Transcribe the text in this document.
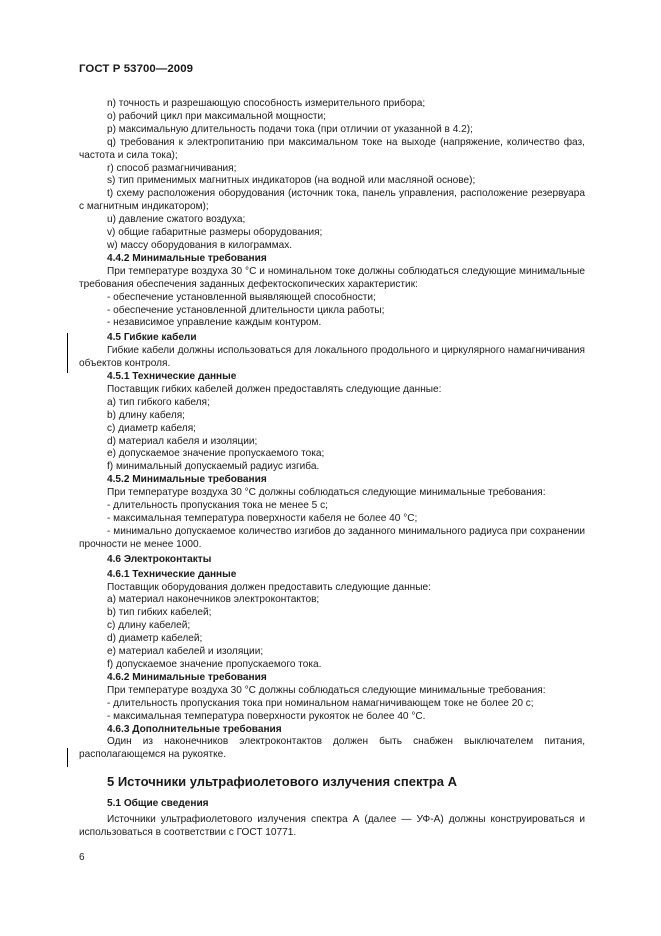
ГОСТ Р 53700—2009

n) точность и разрешающую способность измерительного прибора;

o) рабочий цикл при максимальной мощности;

p) максимальную длительность подачи тока (при отличии от указанной в 4.2);

q) требования к электропитанию при максимальном токе на выходе (напряжение, количество фаз, частота и сила тока);

r) способ размагничивания;

s) тип применимых магнитных индикаторов (на водной или масляной основе);

t) схему расположения оборудования (источник тока, панель управления, расположение резервуара с магнитным индикатором);

u) давление сжатого воздуха;

v) общие габаритные размеры оборудования;

w) массу оборудования в килограммах.

4.4.2 Минимальные требования

При температуре воздуха 30 °С и номинальном токе должны соблюдаться следующие минимальные требования обеспечения заданных дефектоскопических характеристик:

- обеспечение установленной выявляющей способности;

- обеспечение установленной длительности цикла работы;

- независимое управление каждым контуром.

4.5 Гибкие кабели

Гибкие кабели должны использоваться для локального продольного и циркулярного намагничивания объектов контроля.

4.5.1 Технические данные

Поставщик гибких кабелей должен предоставлять следующие данные:

a) тип гибкого кабеля;

b) длину кабеля;

c) диаметр кабеля;

d) материал кабеля и изоляции;

e) допускаемое значение пропускаемого тока;

f) минимальный допускаемый радиус изгиба.

4.5.2 Минимальные требования

При температуре воздуха 30 °С должны соблюдаться следующие минимальные требования:

- длительность пропускания тока не менее 5 с;

- максимальная температура поверхности кабеля не более 40 °С;

- минимально допускаемое количество изгибов до заданного минимального радиуса при сохранении прочности не менее 1000.

4.6 Электроконтакты

4.6.1 Технические данные

Поставщик оборудования должен предоставить следующие данные:

a) материал наконечников электроконтактов;

b) тип гибких кабелей;

c) длину кабелей;

d) диаметр кабелей;

e) материал кабелей и изоляции;

f) допускаемое значение пропускаемого тока.

4.6.2 Минимальные требования

При температуре воздуха 30 °С должны соблюдаться следующие минимальные требования:

- длительность пропускания тока при номинальном намагничивающем токе не более 20 с;

- максимальная температура поверхности рукояток не более 40 °С.

4.6.3 Дополнительные требования

Один из наконечников электроконтактов должен быть снабжен выключателем питания, располагающемся на рукоятке.

5 Источники ультрафиолетового излучения спектра А

5.1 Общие сведения

Источники ультрафиолетового излучения спектра А (далее — УФ-А) должны конструироваться и использоваться в соответствии с ГОСТ 10771.

6
